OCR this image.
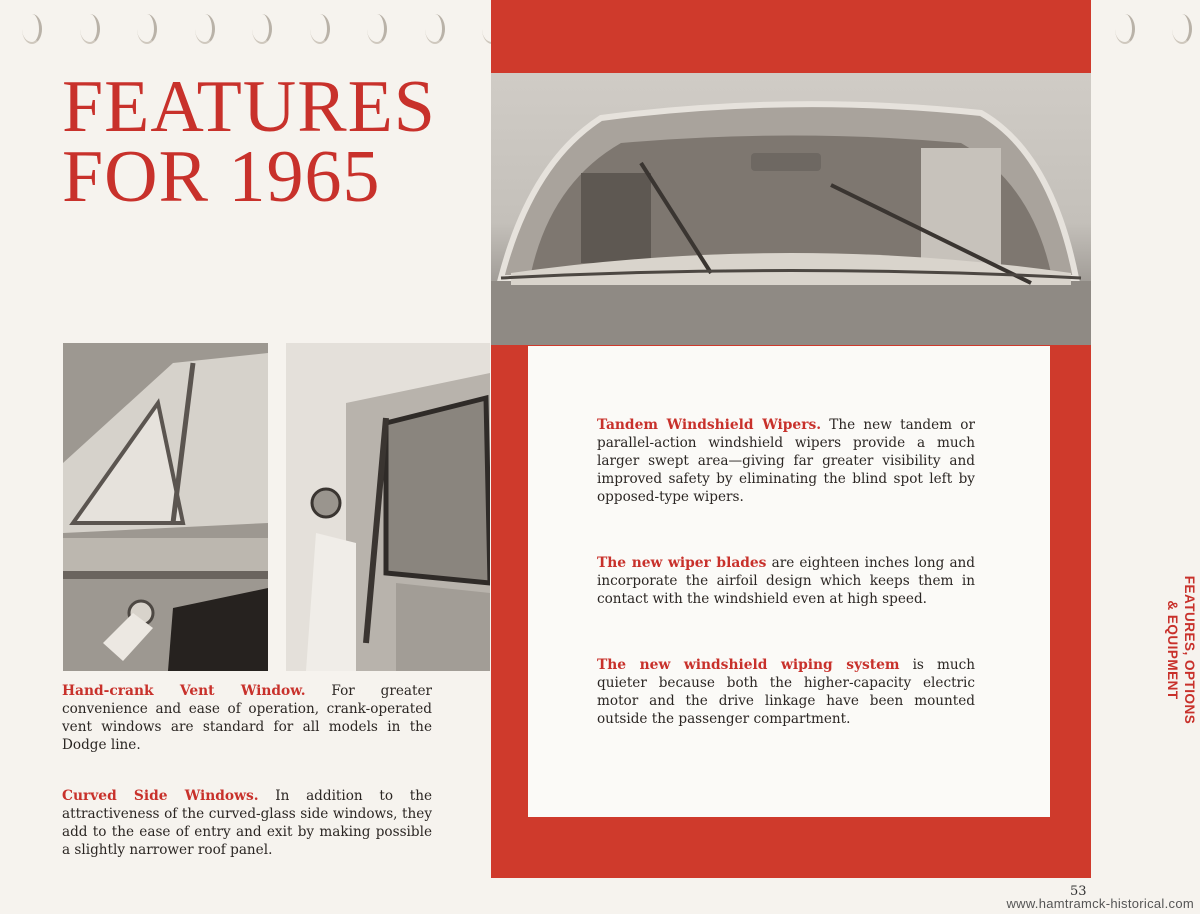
FEATURES
FOR 1965

Tandem Windshield Wipers. The new tandem or parallel-action windshield wipers provide a much larger swept area—giving far greater visibility and improved safety by eliminating the blind spot left by opposed-type wipers.

The new wiper blades are eighteen inches long and incorporate the airfoil design which keeps them in contact with the windshield even at high speed.

The new windshield wiping system is much quieter because both the higher-capacity electric motor and the drive linkage have been mounted outside the passenger compartment.

Hand-crank Vent Window. For greater convenience and ease of operation, crank-operated vent windows are standard for all models in the Dodge line.

Curved Side Windows. In addition to the attractiveness of the curved-glass side windows, they add to the ease of entry and exit by making possible a slightly narrower roof panel.

FEATURES, OPTIONS
& EQUIPMENT
53
www.hamtramck-historical.com
